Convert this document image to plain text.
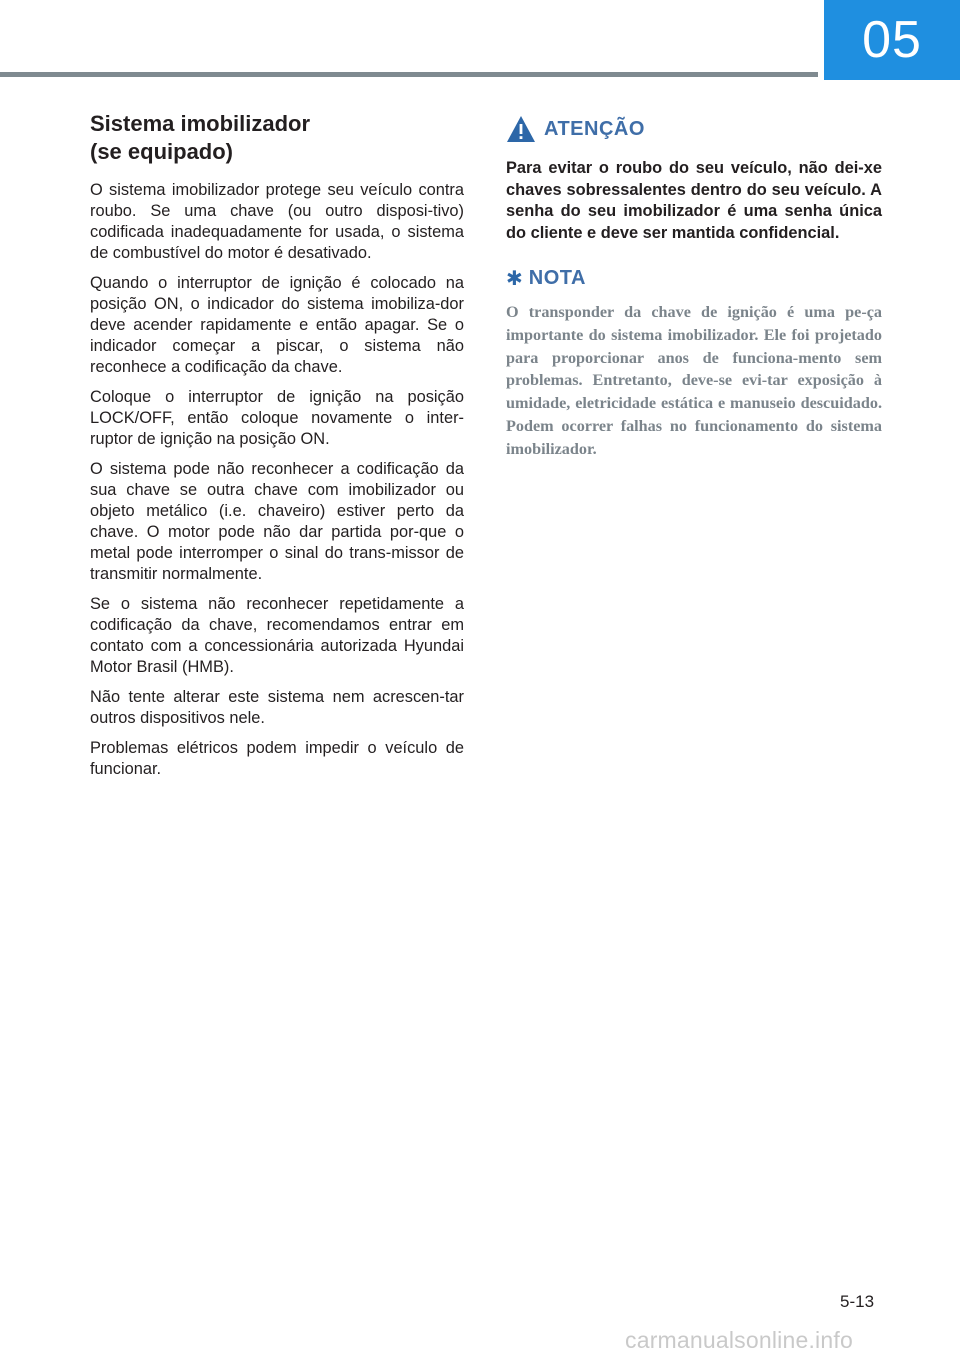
05
Sistema imobilizador
(se equipado)

O sistema imobilizador protege seu veículo contra roubo. Se uma chave (ou outro disposi-tivo) codificada inadequadamente for usada, o sistema de combustível do motor é desativado.

Quando o interruptor de ignição é colocado na posição ON, o indicador do sistema imobiliza-dor deve acender rapidamente e então apagar. Se o indicador começar a piscar, o sistema não reconhece a codificação da chave.

Coloque o interruptor de ignição na posição LOCK/OFF, então coloque novamente o inter-ruptor de ignição na posição ON.

O sistema pode não reconhecer a codificação da sua chave se outra chave com imobilizador ou objeto metálico (i.e. chaveiro) estiver perto da chave. O motor pode não dar partida por-que o metal pode interromper o sinal do trans-missor de transmitir normalmente.

Se o sistema não reconhecer repetidamente a codificação da chave, recomendamos entrar em contato com a concessionária autorizada Hyundai Motor Brasil (HMB).

Não tente alterar este sistema nem acrescen-tar outros dispositivos nele.

Problemas elétricos podem impedir o veículo de funcionar.

ATENÇÃO

Para evitar o roubo do seu veículo, não dei-xe chaves sobressalentes dentro do seu veículo. A senha do seu imobilizador é uma senha única do cliente e deve ser mantida confidencial.

✱ NOTA

O transponder da chave de ignição é uma pe-ça importante do sistema imobilizador. Ele foi projetado para proporcionar anos de funciona-mento sem problemas. Entretanto, deve-se evi-tar exposição à umidade, eletricidade estática e manuseio descuidado. Podem ocorrer falhas no funcionamento do sistema imobilizador.

5-13
carmanualsonline.info
